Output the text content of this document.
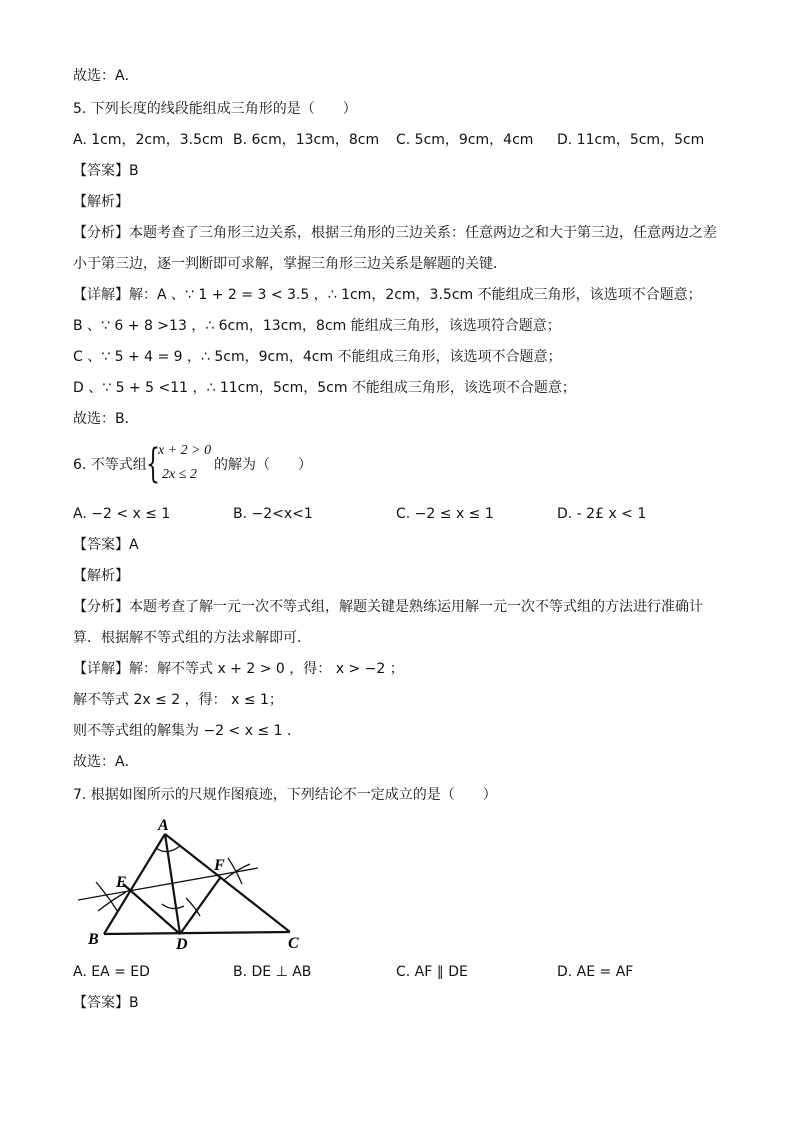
故选：A．
5. 下列长度的线段能组成三角形的是（　　）
A. 1cm，2cm，3.5cm B. 6cm，13cm，8cm C. 5cm，9cm，4cm D. 11cm，5cm，5cm
【答案】B
【解析】
【分析】本题考查了三角形三边关系，根据三角形的三边关系：任意两边之和大于第三边，任意两边之差
小于第三边，逐一判断即可求解，掌握三角形三边关系是解题的关键．
【详解】解：A 、∵ 1 + 2 = 3 < 3.5 ，∴ 1cm，2cm，3.5cm 不能组成三角形，该选项不合题意；
B 、∵ 6 + 8 >13 ，∴ 6cm，13cm，8cm 能组成三角形，该选项符合题意；
C 、∵ 5 + 4 = 9 ，∴ 5cm，9cm，4cm 不能组成三角形，该选项不合题意；
D 、∵ 5 + 5 <11 ，∴ 11cm，5cm，5cm 不能组成三角形，该选项不合题意；
故选：B．
6. 不等式组 {
x + 2 > 0
2x ≤ 2
的解为（　　）
A. −2 < x ≤ 1	B. −2<x<1	C. −2 ≤ x ≤ 1	D. - 2£ x < 1
【答案】A
【解析】
【分析】本题考查了解一元一次不等式组，解题关键是熟练运用解一元一次不等式组的方法进行准确计
算．根据解不等式组的方法求解即可．
【详解】解：解不等式 x + 2 > 0 ，得： x > −2 ；
解不等式 2x ≤ 2 ，得： x ≤ 1；
则不等式组的解集为 −2 < x ≤ 1 ．
故选：A．
7. 根据如图所示的尺规作图痕迹，下列结论不一定成立的是（　　）
A
B	C
D
E
F
A. EA = ED	B. DE ⊥ AB	C. AF ∥ DE	D. AE = AF
【答案】B
